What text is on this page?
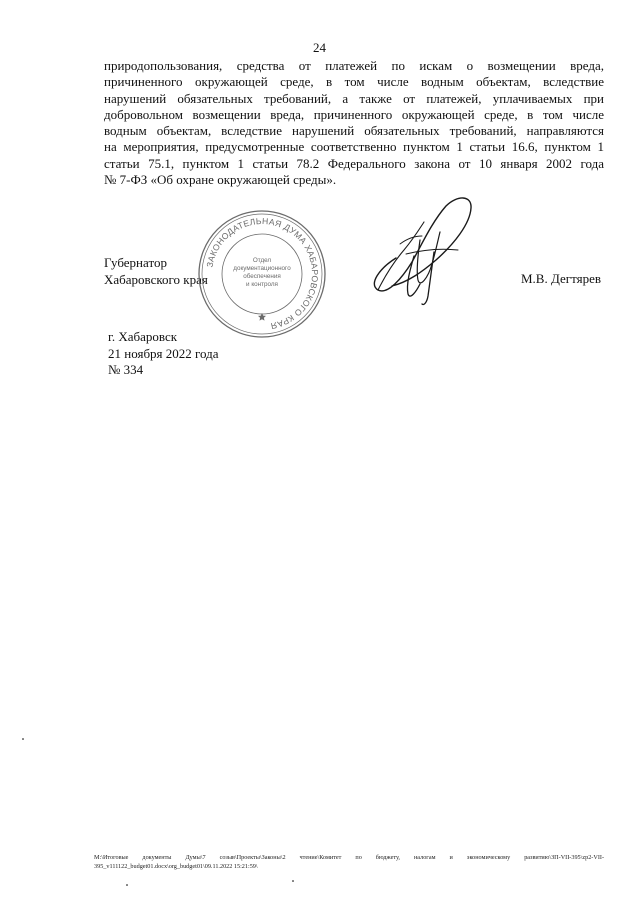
24
природопользования, средства от платежей по искам о возмещении вреда,
причиненного окружающей среде, в том числе водным объектам, вследствие
нарушений обязательных требований, а также от платежей, уплачиваемых при
добровольном возмещении вреда, причиненного окружающей среде, в том числе
водным объектам, вследствие нарушений обязательных требований, направляются
на мероприятия, предусмотренные соответственно пунктом 1 статьи 16.6, пунктом 1
статьи 75.1, пунктом 1 статьи 78.2 Федерального закона от 10 января 2002 года
№ 7-ФЗ «Об охране окружающей среды».
Губернатор
Хабаровского края
ЗАКОНОДАТЕЛЬНАЯ ДУМА ХАБАРОВСКОГО КРАЯ
Отдел
документационного
обеспечения
и контроля	М.В. Дегтярев
г. Хабаровск
21 ноября 2022 года
№ 334
M:\Итоговые документы Думы\7 созыв\Проекты\Законы\2 чтение\Комитет по бюджету, налогам и экономическому развитию\ЗП-VII-395\zp2-VII-
395_v111122_budget01.docx\org_budget01\09.11.2022 15:21:59\
